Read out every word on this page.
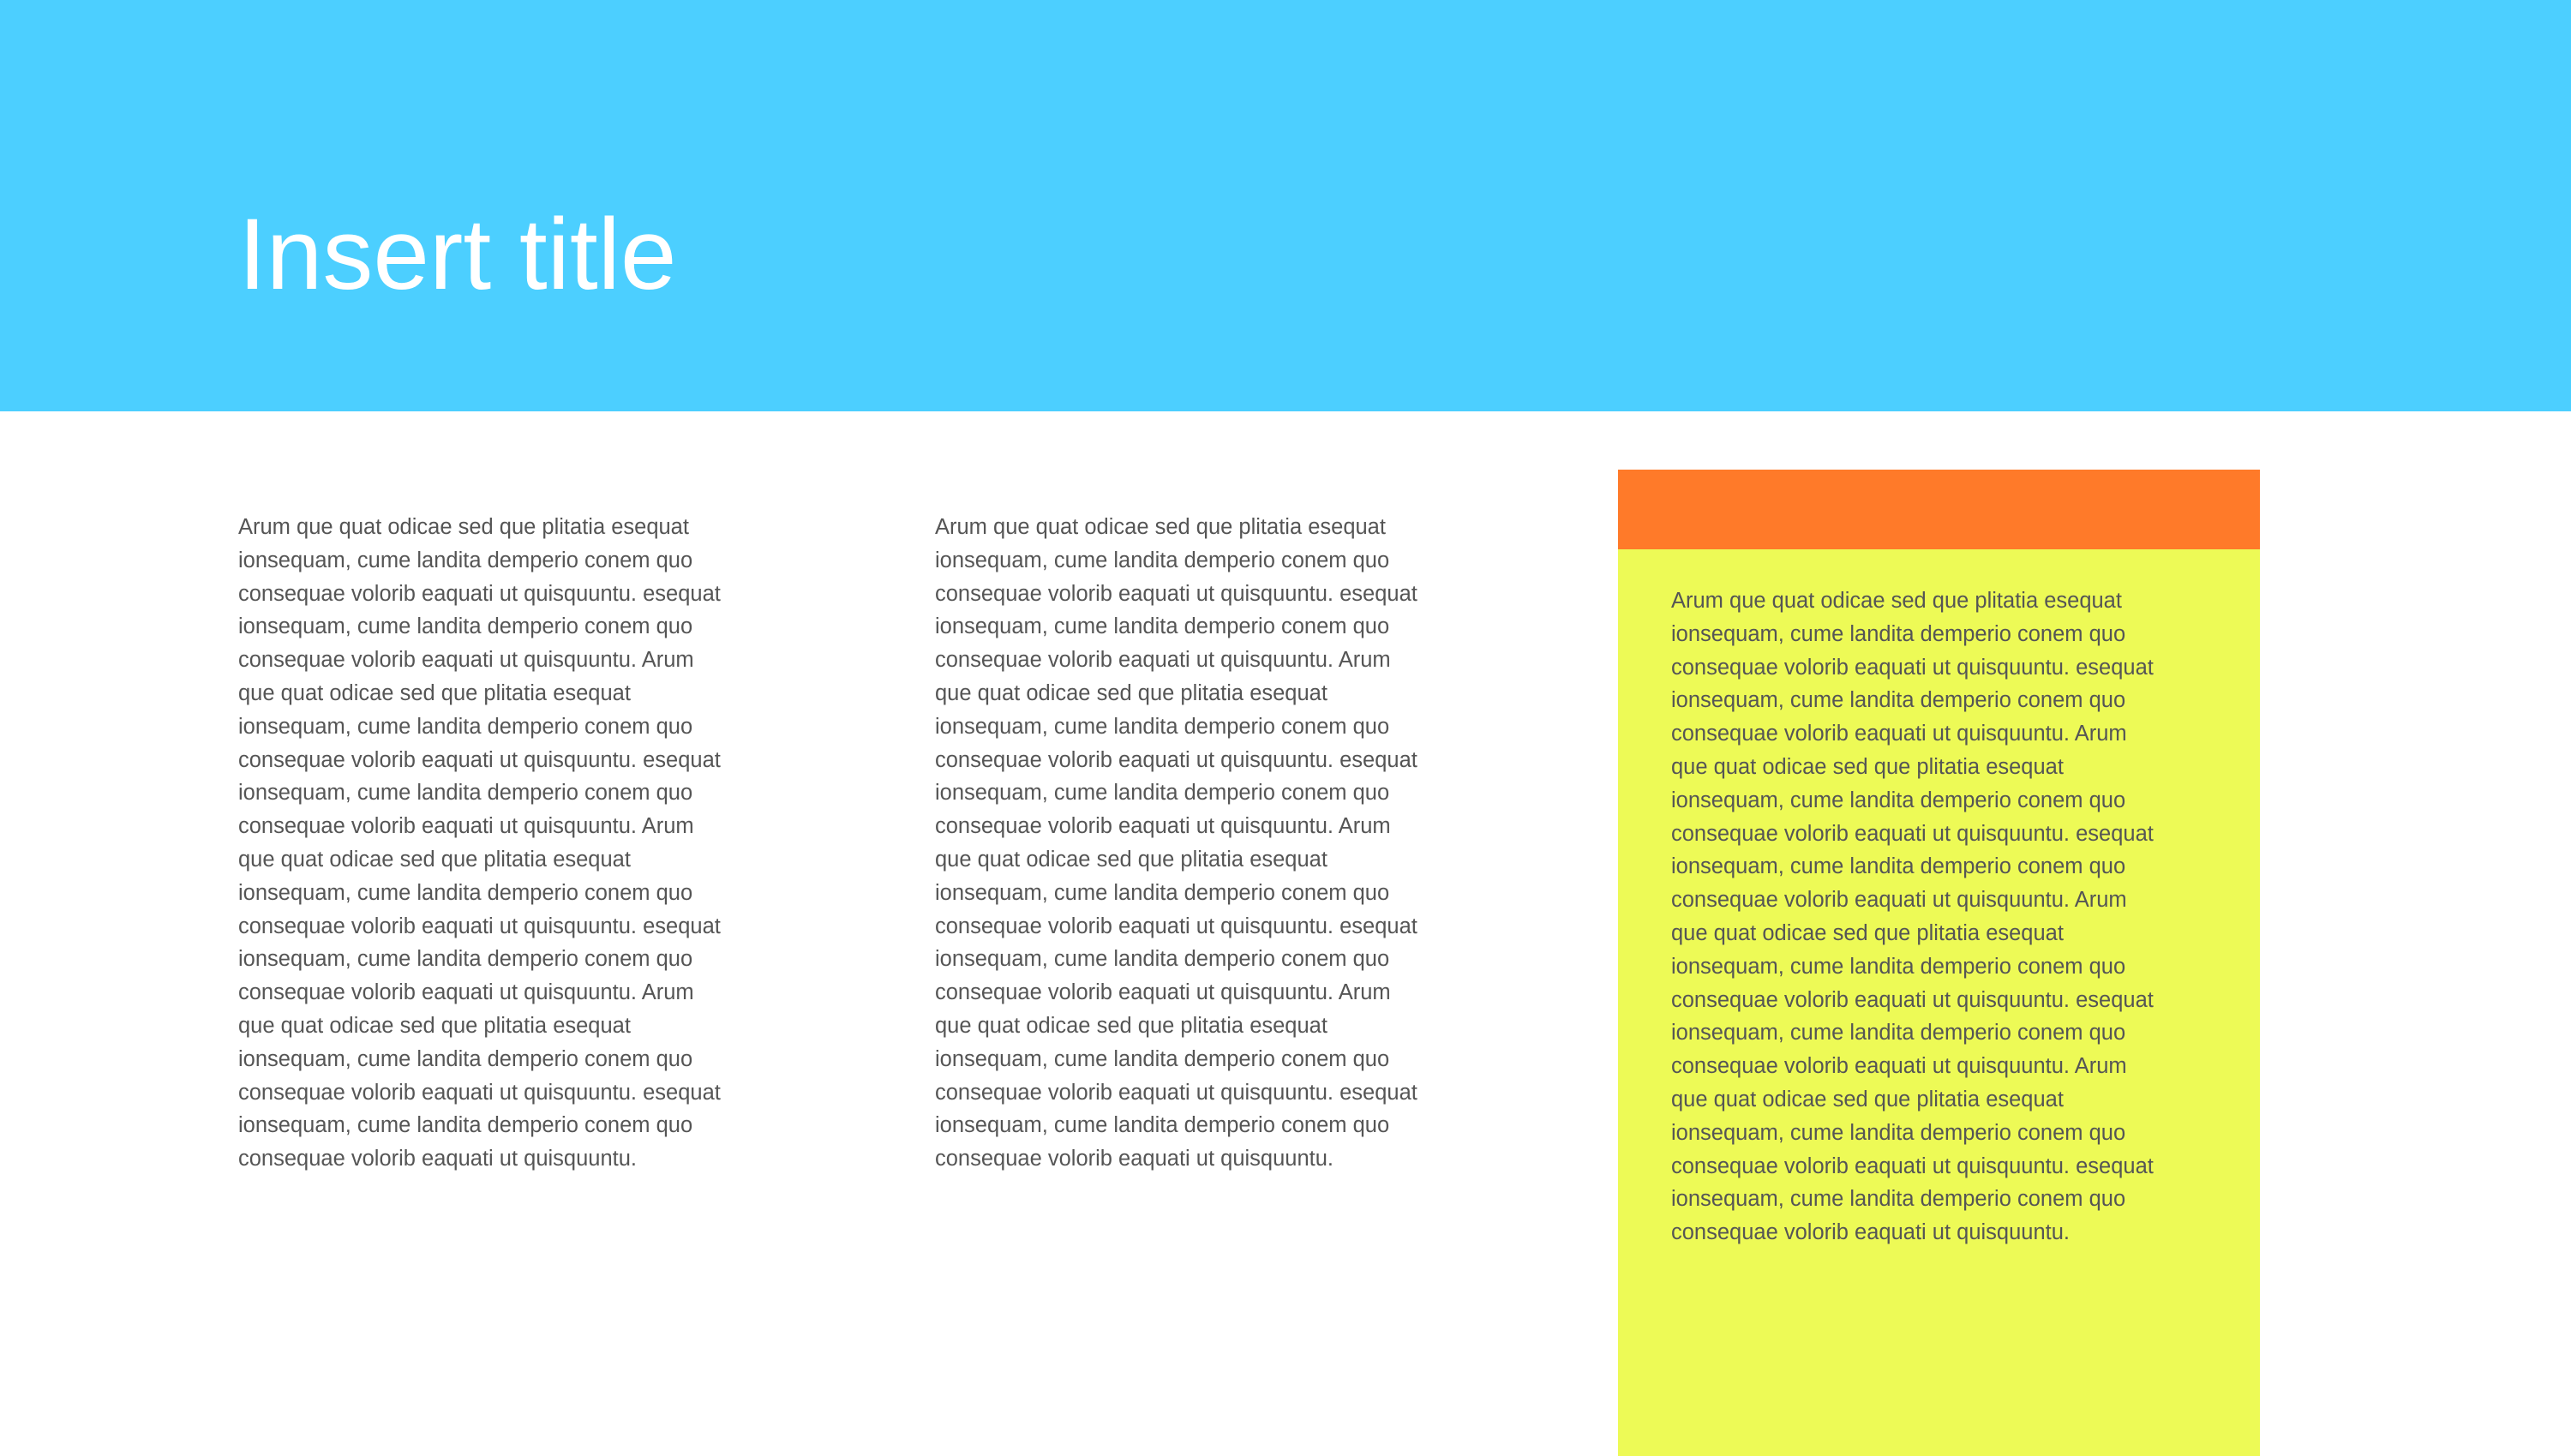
Insert title

Arum que quat odicae sed que plitatia esequat ionsequam, cume landita demperio conem quo consequae volorib eaquati ut quisquuntu. esequat ionsequam, cume landita demperio conem quo consequae volorib eaquati ut quisquuntu. Arum que quat odicae sed que plitatia esequat ionsequam, cume landita demperio conem quo consequae volorib eaquati ut quisquuntu. esequat ionsequam, cume landita demperio conem quo consequae volorib eaquati ut quisquuntu. Arum que quat odicae sed que plitatia esequat ionsequam, cume landita demperio conem quo consequae volorib eaquati ut quisquuntu. esequat ionsequam, cume landita demperio conem quo consequae volorib eaquati ut quisquuntu. Arum que quat odicae sed que plitatia esequat ionsequam, cume landita demperio conem quo consequae volorib eaquati ut quisquuntu. esequat ionsequam, cume landita demperio conem quo consequae volorib eaquati ut quisquuntu.

Arum que quat odicae sed que plitatia esequat ionsequam, cume landita demperio conem quo consequae volorib eaquati ut quisquuntu. esequat ionsequam, cume landita demperio conem quo consequae volorib eaquati ut quisquuntu. Arum que quat odicae sed que plitatia esequat ionsequam, cume landita demperio conem quo consequae volorib eaquati ut quisquuntu. esequat ionsequam, cume landita demperio conem quo consequae volorib eaquati ut quisquuntu. Arum que quat odicae sed que plitatia esequat ionsequam, cume landita demperio conem quo consequae volorib eaquati ut quisquuntu. esequat ionsequam, cume landita demperio conem quo consequae volorib eaquati ut quisquuntu. Arum que quat odicae sed que plitatia esequat ionsequam, cume landita demperio conem quo consequae volorib eaquati ut quisquuntu. esequat ionsequam, cume landita demperio conem quo consequae volorib eaquati ut quisquuntu.

Arum que quat odicae sed que plitatia esequat ionsequam, cume landita demperio conem quo consequae volorib eaquati ut quisquuntu. esequat ionsequam, cume landita demperio conem quo consequae volorib eaquati ut quisquuntu. Arum que quat odicae sed que plitatia esequat ionsequam, cume landita demperio conem quo consequae volorib eaquati ut quisquuntu. esequat ionsequam, cume landita demperio conem quo consequae volorib eaquati ut quisquuntu. Arum que quat odicae sed que plitatia esequat ionsequam, cume landita demperio conem quo consequae volorib eaquati ut quisquuntu. esequat ionsequam, cume landita demperio conem quo consequae volorib eaquati ut quisquuntu. Arum que quat odicae sed que plitatia esequat ionsequam, cume landita demperio conem quo consequae volorib eaquati ut quisquuntu. esequat ionsequam, cume landita demperio conem quo consequae volorib eaquati ut quisquuntu.
